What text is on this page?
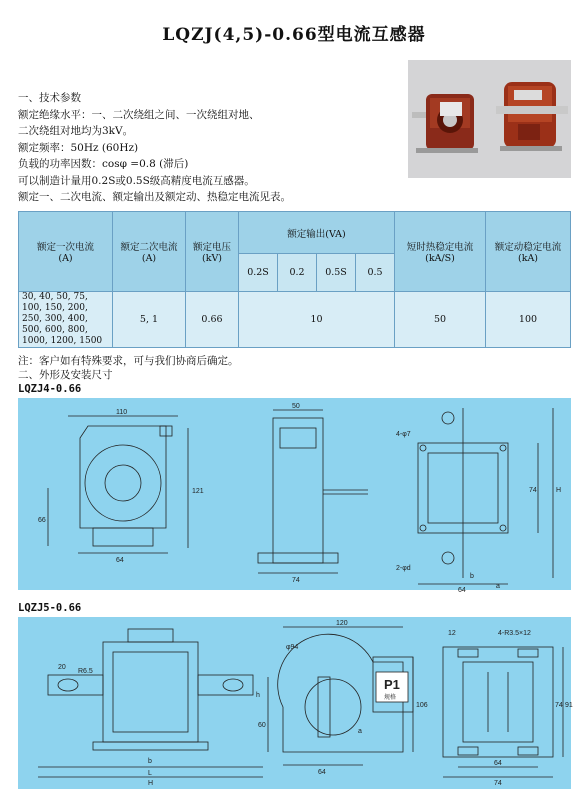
LQZJ(4,5)-0.66型电流互感器
一、技术参数
额定绝缘水平：一、二次绕组之间、一次绕组对地、
二次绕组对地均为3kV。
额定频率：50Hz (60Hz)
负载的功率因数：cosφ =0.8 (滞后)
可以制造计量用0.2S或0.5S级高精度电流互感器。
额定一、二次电流、额定输出及额定动、热稳定电流见表。
额定一次电流
(A)	额定二次电流
(A)	额定电压
(kV)	额定输出(VA)				短时热稳定电流
(kA/S)	额定动稳定电流
(kA)
			0.2S	0.2	0.5S	0.5		
30, 40, 50, 75,
100, 150, 200,
250, 300, 400,
500, 600, 800,
1000, 1200, 1500	5, 1	0.66	10				50	100
注：客户如有特殊要求，可与我们协商后确定。
二、外形及安装尺寸
LQZJ4-0.66
LQZJ5-0.66
110
121
64
66
50
74
4-φ7
2-φd
74	H
b
64
a
P1
规格
20
R6.5
b
h
L
H
120
φ94
106
60
64
a
4-R3.5×12
12
74 91
64
74
